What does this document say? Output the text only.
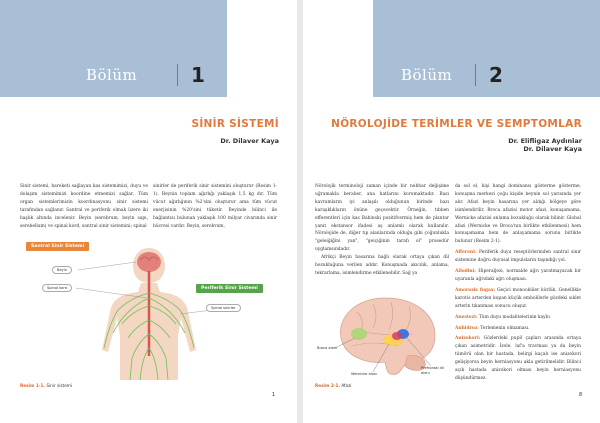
Bölüm	1
SİNİR SİSTEMİ
Dr. Dilaver Kaya
Sinir sistemi, hareketi sağlayan kas sistemimizi, duyu ve dolaşım sistemimizi koordine etmemizi sağlar. Tüm organ sistemlerimizin koordinasyonu sinir sistemi tarafından sağlanır. Santral ve periferik olmak üzere iki başlık altında incelenir. Beyin (serebrum, beyin sapı, serebellum) ve spinal kord, santral sinir sistemini; spinal
sinirler de periferik sinir sistemini oluşturur (Resim 1-1). Beynin toplam ağırlığı yaklaşık 1,5 kg dır. Tüm vücut ağırlığının %2'sini oluşturur ama tüm vücut enerjisinin %20'sini tüketir. Beyinde bilinci ile bağlantısı bulunan yaklaşık 100 milyar civarında sinir hücresi vardır. Beyin, serebrum,
Santral Sinir Sistemi
Periferik Sinir Sistemi
Beyin
Spinal kord
Spinal sinirler
Resim 1-1. Sinir sistemi
1
Bölüm 2
NÖROLOJİDE TERİMLER VE SEMPTOMLAR
Dr. Elifligaz Aydınlar
Dr. Dilaver Kaya

Nörolojik terminoloji zaman içinde bir nebbar değişime uğramakla beraber, ana hatlarını korumaktadır. Bazı kavramların iyi anlaşılı olduğunun birinde bazı karışıklıkların önüne geçecektir. Örneğin, tıbben efferentleri için kas Babinski pozitifvermiş hem de plantar yanıt ekstansor ifadesi aş anlamlı olarak kullanılır. Nörolojide de, diğer tıp alanlarında olduğu gibi çoğunlukla "geleiğiğini yan", "geiçiğinin tarafı ol" prosedür uyglamsındadır.

Afrikçi Beyin hasarına bağlı olarak ortaya çıkan dil bozukluğuna verilen addır. Konuşmada akıcılık, anlama, tekrarlama, isimlendirme etkilenebilir. Sağ ya

da sol el, kişi hangi dominansı gösterme gösterme, konuşma merkezi çoğu kişide beynin sol yarısında yer alır. Afazi beyin hasarına yer aldığı bölgeye göre isimlendirilir. Broca afazisi motor afazi, konuşamama, Wernicke afazisi anlama bozukluğu olarak bilinir. Global afazi (Wernicke ve Broca'nın birlikte etkilenmesi) hem konuşamama hem de anlayamama sorunu birlikte bulunur (Resim 2-1).

Afferent: Periferik duyu reseptörlerinden santral sinir sistemine doğru duyusal impulsların taşındığı yol.

Allodini: Hiperaljezi, normalde ağrı yaratmayacak bir uyaranla ağrıdaki ağrı oluşması.

Amorozis fugax: Geçici monooküler körlük. Genellikle karotis arterden kopan küçük embolilerle gözdeki sıklet arterin tıkanması sonucu oluşur.

Anestezi: Tüm duyu modalitelerinin kaybı

Anhidroz: Terlemenin olmaması.

Anizokori: Gözlerdeki pupil çapları arasında ortaya çıkan asimetridir. İzole, laf'a travması ya da beyin tümörü olan bir hastada, belirgi kaçalı ise anizokori gelişiyorsa beyin herniasyonu akla getirilmelidir. Bilinci açık hastada anizokori olması beyin herniasyonu düşündürmez.

Broca alanı
Wernicke alanı
Prefrontal dil alanı
Resim 2-1. Afazi
8
